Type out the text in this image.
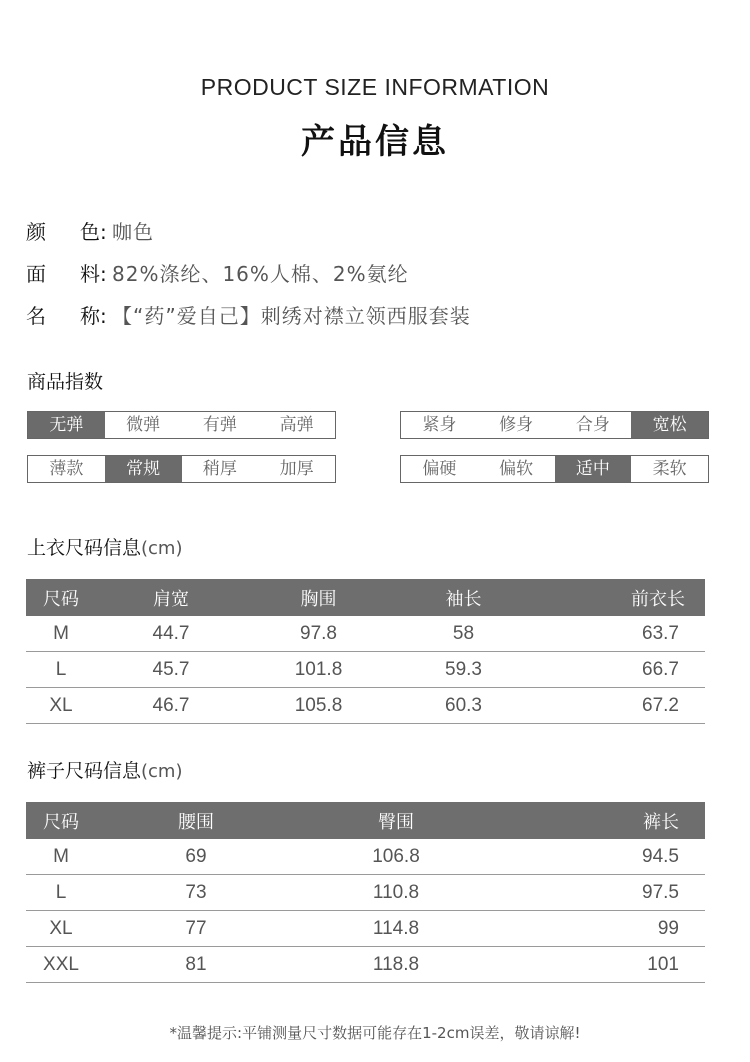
PRODUCT SIZE INFORMATION
产品信息
颜 色: 咖色
面 料: 82%涤纶、16%人棉、2%氨纶
名 称: 【“药”爱自己】刺绣对襟立领西服套装
商品指数
无弹	微弹	有弹	高弹	紧身	修身	合身	宽松
薄款	常规	稍厚	加厚	偏硬	偏软	适中	柔软
上衣尺码信息(cm)
尺码	肩宽	胸围	袖长	前衣长
M	44.7	97.8	58	63.7
L	45.7	101.8	59.3	66.7
XL	46.7	105.8	60.3	67.2
裤子尺码信息(cm)
尺码	腰围	臀围	裤长
M	69	106.8	94.5
L	73	110.8	97.5
XL	77	114.8	99
XXL	81	118.8	101
*温馨提示:平铺测量尺寸数据可能存在1-2cm误差，敬请谅解!
